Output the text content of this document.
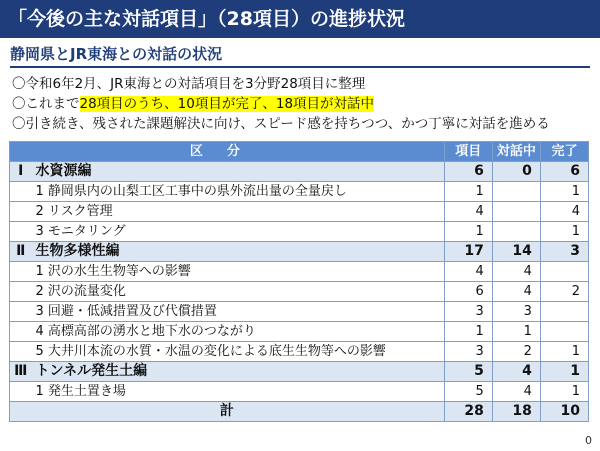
「今後の主な対話項目」（28項目）の進捗状況
静岡県とJR東海との対話の状況
〇令和6年2月、JR東海との対話項目を3分野28項目に整理
〇これまで28項目のうち、10項目が完了、18項目が対話中
〇引き続き、残された課題解決に向け、スピード感を持ちつつ、かつ丁寧に対話を進める
区分		項目	対話中	完了
Ⅰ	水資源編	6	0	6
	1 静岡県内の山梨工区工事中の県外流出量の全量戻し	1		1
	2 リスク管理	4		4
	3 モニタリング	1		1
Ⅱ	生物多様性編	17	14	3
	1 沢の水生生物等への影響	4	4	
	2 沢の流量変化	6	4	2
	3 回避・低減措置及び代償措置	3	3	
	4 高標高部の湧水と地下水のつながり	1	1	
	5 大井川本流の水質・水温の変化による底生生物等への影響	3	2	1
Ⅲ	トンネル発生土編	5	4	1
	1 発生土置き場	5	4	1
計		28	18	10
0
